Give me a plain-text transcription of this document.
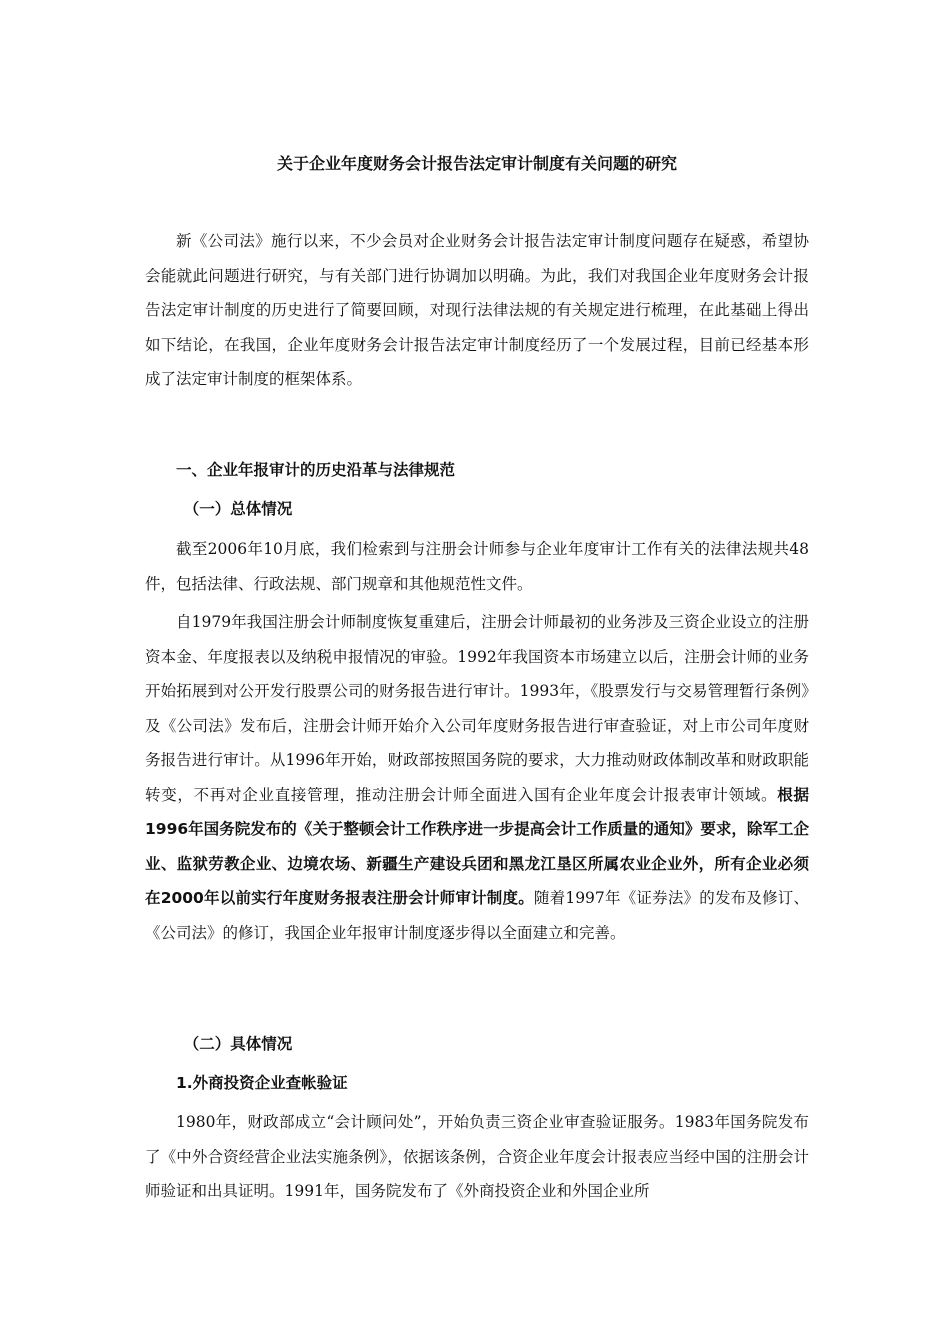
关于企业年度财务会计报告法定审计制度有关问题的研究

新《公司法》施行以来，不少会员对企业财务会计报告法定审计制度问题存在疑惑，希望协会能就此问题进行研究，与有关部门进行协调加以明确。为此，我们对我国企业年度财务会计报告法定审计制度的历史进行了简要回顾，对现行法律法规的有关规定进行梳理，在此基础上得出如下结论，在我国，企业年度财务会计报告法定审计制度经历了一个发展过程，目前已经基本形成了法定审计制度的框架体系。

一、企业年报审计的历史沿革与法律规范

（一）总体情况

截至2006年10月底，我们检索到与注册会计师参与企业年度审计工作有关的法律法规共48件，包括法律、行政法规、部门规章和其他规范性文件。

自1979年我国注册会计师制度恢复重建后，注册会计师最初的业务涉及三资企业设立的注册资本金、年度报表以及纳税申报情况的审验。1992年我国资本市场建立以后，注册会计师的业务开始拓展到对公开发行股票公司的财务报告进行审计。1993年，《股票发行与交易管理暂行条例》及《公司法》发布后，注册会计师开始介入公司年度财务报告进行审查验证，对上市公司年度财务报告进行审计。从1996年开始，财政部按照国务院的要求，大力推动财政体制改革和财政职能转变，不再对企业直接管理，推动注册会计师全面进入国有企业年度会计报表审计领域。根据1996年国务院发布的《关于整顿会计工作秩序进一步提高会计工作质量的通知》要求，除军工企业、监狱劳教企业、边境农场、新疆生产建设兵团和黑龙江垦区所属农业企业外，所有企业必须在2000年以前实行年度财务报表注册会计师审计制度。随着1997年《证券法》的发布及修订、《公司法》的修订，我国企业年报审计制度逐步得以全面建立和完善。

（二）具体情况

1.外商投资企业查帐验证

1980年，财政部成立“会计顾问处”，开始负责三资企业审查验证服务。1983年国务院发布了《中外合资经营企业法实施条例》，依据该条例，合资企业年度会计报表应当经中国的注册会计师验证和出具证明。1991年，国务院发布了《外商投资企业和外国企业所
